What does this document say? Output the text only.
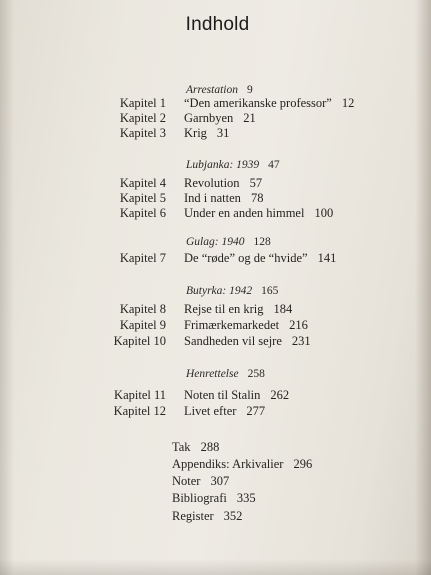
Indhold
Arrestation 9
Kapitel 1 “Den amerikanske professor” 12
Kapitel 2 Garnbyen 21
Kapitel 3 Krig 31
Lubjanka: 1939 47
Kapitel 4 Revolution 57
Kapitel 5 Ind i natten 78
Kapitel 6 Under en anden himmel 100
Gulag: 1940 128
Kapitel 7 De “røde” og de “hvide” 141
Butyrka: 1942 165
Kapitel 8 Rejse til en krig 184
Kapitel 9 Frimærkemarkedet 216
Kapitel 10 Sandheden vil sejre 231
Henrettelse 258
Kapitel 11 Noten til Stalin 262
Kapitel 12 Livet efter 277
Tak 288
Appendiks: Arkivalier 296
Noter 307
Bibliografi 335
Register 352
